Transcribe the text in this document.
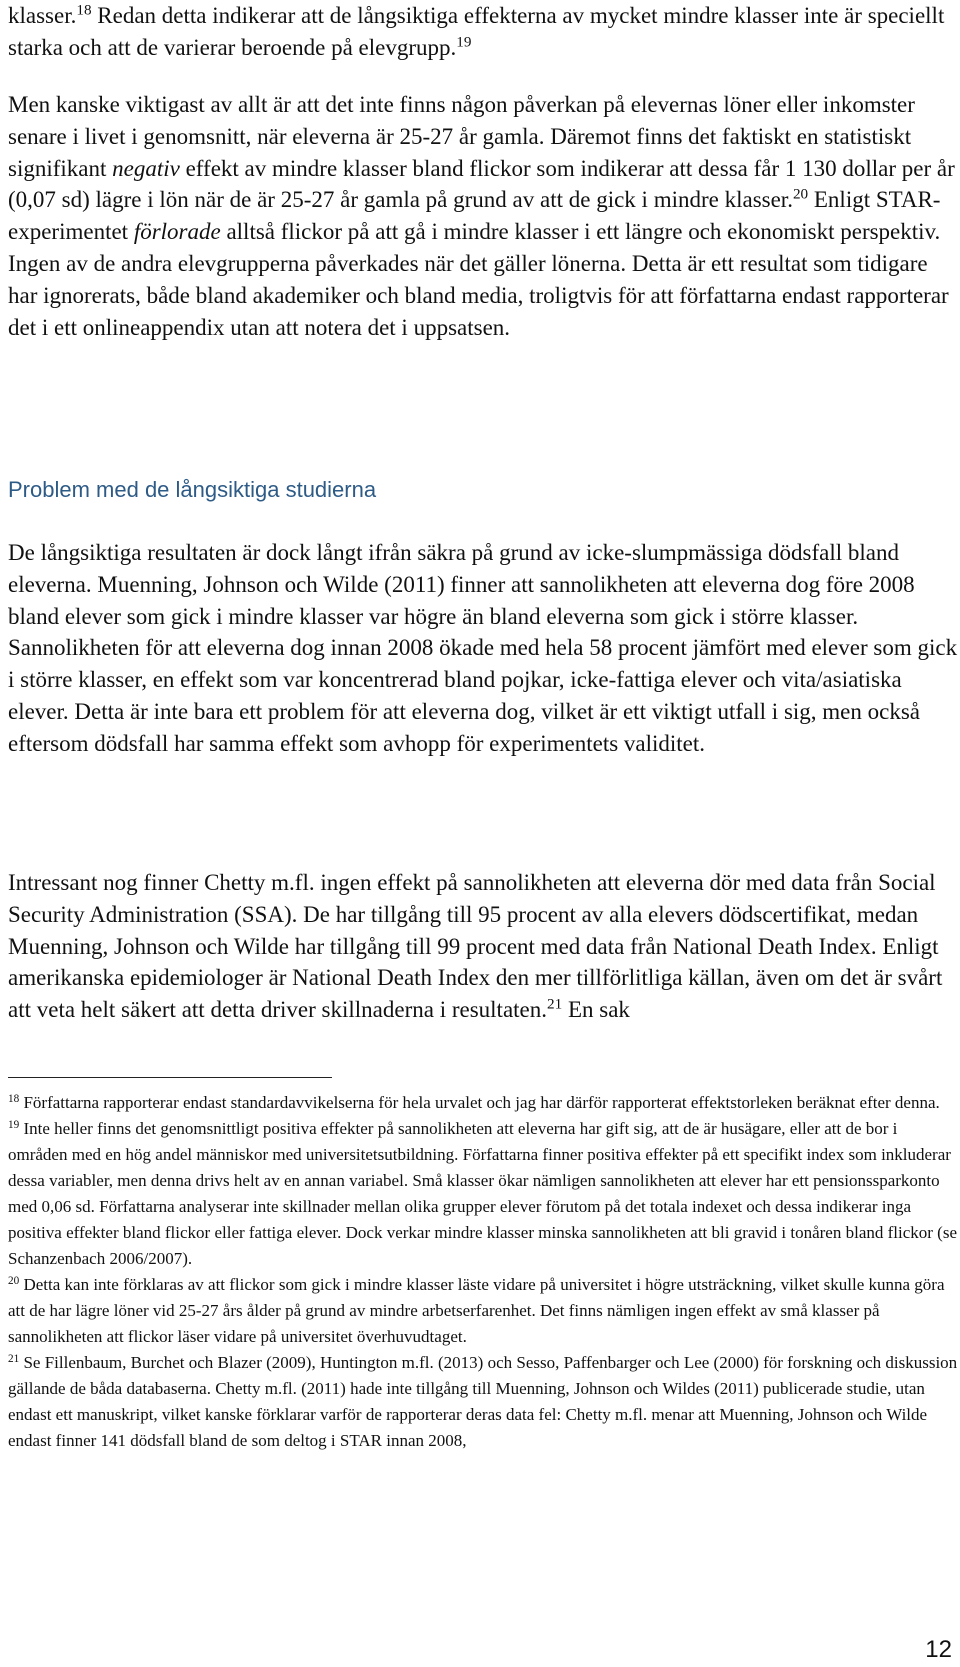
klasser.$^{18}$ Redan detta indikerar att de långsiktiga effekterna av mycket mindre klasser inte är speciellt starka och att de varierar beroende på elevgrupp.$^{19}$

Men kanske viktigast av allt är att det inte finns någon påverkan på elevernas löner eller inkomster senare i livet i genomsnitt, när eleverna är 25-27 år gamla. Däremot finns det faktiskt en statistiskt signifikant negativ effekt av mindre klasser bland flickor som indikerar att dessa får 1 130 dollar per år (0,07 sd) lägre i lön när de är 25-27 år gamla på grund av att de gick i mindre klasser.$^{20}$ Enligt STAR-experimentet förlorade alltså flickor på att gå i mindre klasser i ett längre och ekonomiskt perspektiv. Ingen av de andra elevgrupperna påverkades när det gäller lönerna. Detta är ett resultat som tidigare har ignorerats, både bland akademiker och bland media, troligtvis för att författarna endast rapporterar det i ett onlineappendix utan att notera det i uppsatsen.

Problem med de långsiktiga studierna

De långsiktiga resultaten är dock långt ifrån säkra på grund av icke-slumpmässiga dödsfall bland eleverna. Muenning, Johnson och Wilde (2011) finner att sannolikheten att eleverna dog före 2008 bland elever som gick i mindre klasser var högre än bland eleverna som gick i större klasser. Sannolikheten för att eleverna dog innan 2008 ökade med hela 58 procent jämfört med elever som gick i större klasser, en effekt som var koncentrerad bland pojkar, icke-fattiga elever och vita/asiatiska elever. Detta är inte bara ett problem för att eleverna dog, vilket är ett viktigt utfall i sig, men också eftersom dödsfall har samma effekt som avhopp för experimentets validitet.

Intressant nog finner Chetty m.fl. ingen effekt på sannolikheten att eleverna dör med data från Social Security Administration (SSA). De har tillgång till 95 procent av alla elevers dödscertifikat, medan Muenning, Johnson och Wilde har tillgång till 99 procent med data från National Death Index. Enligt amerikanska epidemiologer är National Death Index den mer tillförlitliga källan, även om det är svårt att veta helt säkert att detta driver skillnaderna i resultaten.$^{21}$ En sak

$^{18}$ Författarna rapporterar endast standardavvikelserna för hela urvalet och jag har därför rapporterat effektstorleken beräknat efter denna.

$^{19}$ Inte heller finns det genomsnittligt positiva effekter på sannolikheten att eleverna har gift sig, att de är husägare, eller att de bor i områden med en hög andel människor med universitetsutbildning. Författarna finner positiva effekter på ett specifikt index som inkluderar dessa variabler, men denna drivs helt av en annan variabel. Små klasser ökar nämligen sannolikheten att elever har ett pensionssparkonto med 0,06 sd. Författarna analyserar inte skillnader mellan olika grupper elever förutom på det totala indexet och dessa indikerar inga positiva effekter bland flickor eller fattiga elever. Dock verkar mindre klasser minska sannolikheten att bli gravid i tonåren bland flickor (se Schanzenbach 2006/2007).

$^{20}$ Detta kan inte förklaras av att flickor som gick i mindre klasser läste vidare på universitet i högre utsträckning, vilket skulle kunna göra att de har lägre löner vid 25-27 års ålder på grund av mindre arbetserfarenhet. Det finns nämligen ingen effekt av små klasser på sannolikheten att flickor läser vidare på universitet överhuvudtaget.

$^{21}$ Se Fillenbaum, Burchet och Blazer (2009), Huntington m.fl. (2013) och Sesso, Paffenbarger och Lee (2000) för forskning och diskussion gällande de båda databaserna. Chetty m.fl. (2011) hade inte tillgång till Muenning, Johnson och Wildes (2011) publicerade studie, utan endast ett manuskript, vilket kanske förklarar varför de rapporterar deras data fel: Chetty m.fl. menar att Muenning, Johnson och Wilde endast finner 141 dödsfall bland de som deltog i STAR innan 2008,

12
